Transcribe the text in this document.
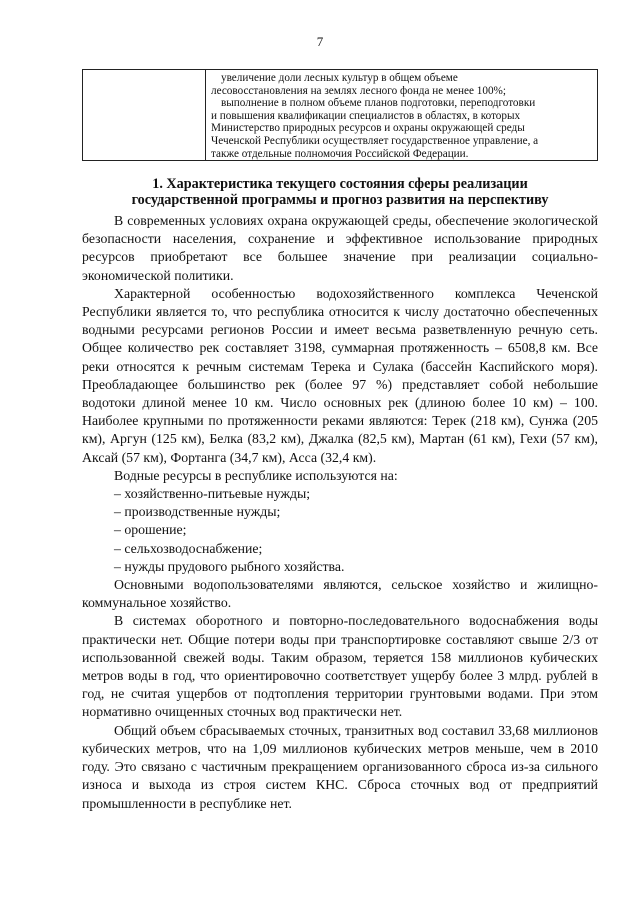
7
увеличение доли лесных культур в общем объеме
лесовосстановления на землях лесного фонда не менее 100%;
выполнение в полном объеме планов подготовки, переподготовки
и повышения квалификации специалистов в областях, в которых
Министерство природных ресурсов и охраны окружающей среды
Чеченской Республики осуществляет государственное управление, а
также отдельные полномочия Российской Федерации.
1. Характеристика текущего состояния сферы реализации
государственной программы и прогноз развития на перспективу

В современных условиях охрана окружающей среды, обеспечение экологической безопасности населения, сохранение и эффективное использование природных ресурсов приобретают все большее значение при реализации социально-экономической политики.

Характерной особенностью водохозяйственного комплекса Чеченской Республики является то, что республика относится к числу достаточно обеспеченных водными ресурсами регионов России и имеет весьма разветвленную речную сеть. Общее количество рек составляет 3198, суммарная протяженность – 6508,8 км. Все реки относятся к речным системам Терека и Сулака (бассейн Каспийского моря). Преобладающее большинство рек (более 97 %) представляет собой небольшие водотоки длиной менее 10 км. Число основных рек (длиною более 10 км) – 100. Наиболее крупными по протяженности реками являются: Терек (218 км), Сунжа (205 км), Аргун (125 км), Белка (83,2 км), Джалка (82,5 км), Мартан (61 км), Гехи (57 км), Аксай (57 км), Фортанга (34,7 км), Асса (32,4 км).

Водные ресурсы в республике используются на:

– хозяйственно-питьевые нужды;
– производственные нужды;
– орошение;
– сельхозводоснабжение;
– нужды прудового рыбного хозяйства.

Основными водопользователями являются, сельское хозяйство и жилищно-коммунальное хозяйство.

В системах оборотного и повторно-последовательного водоснабжения воды практически нет. Общие потери воды при транспортировке составляют свыше 2/3 от использованной свежей воды. Таким образом, теряется 158 миллионов кубических метров воды в год, что ориентировочно соответствует ущербу более 3 млрд. рублей в год, не считая ущербов от подтопления территории грунтовыми водами. При этом нормативно очищенных сточных вод практически нет.

Общий объем сбрасываемых сточных, транзитных вод составил 33,68 миллионов кубических метров, что на 1,09 миллионов кубических метров меньше, чем в 2010 году. Это связано с частичным прекращением организованного сброса из-за сильного износа и выхода из строя систем КНС. Сброса сточных вод от предприятий промышленности в республике нет.
